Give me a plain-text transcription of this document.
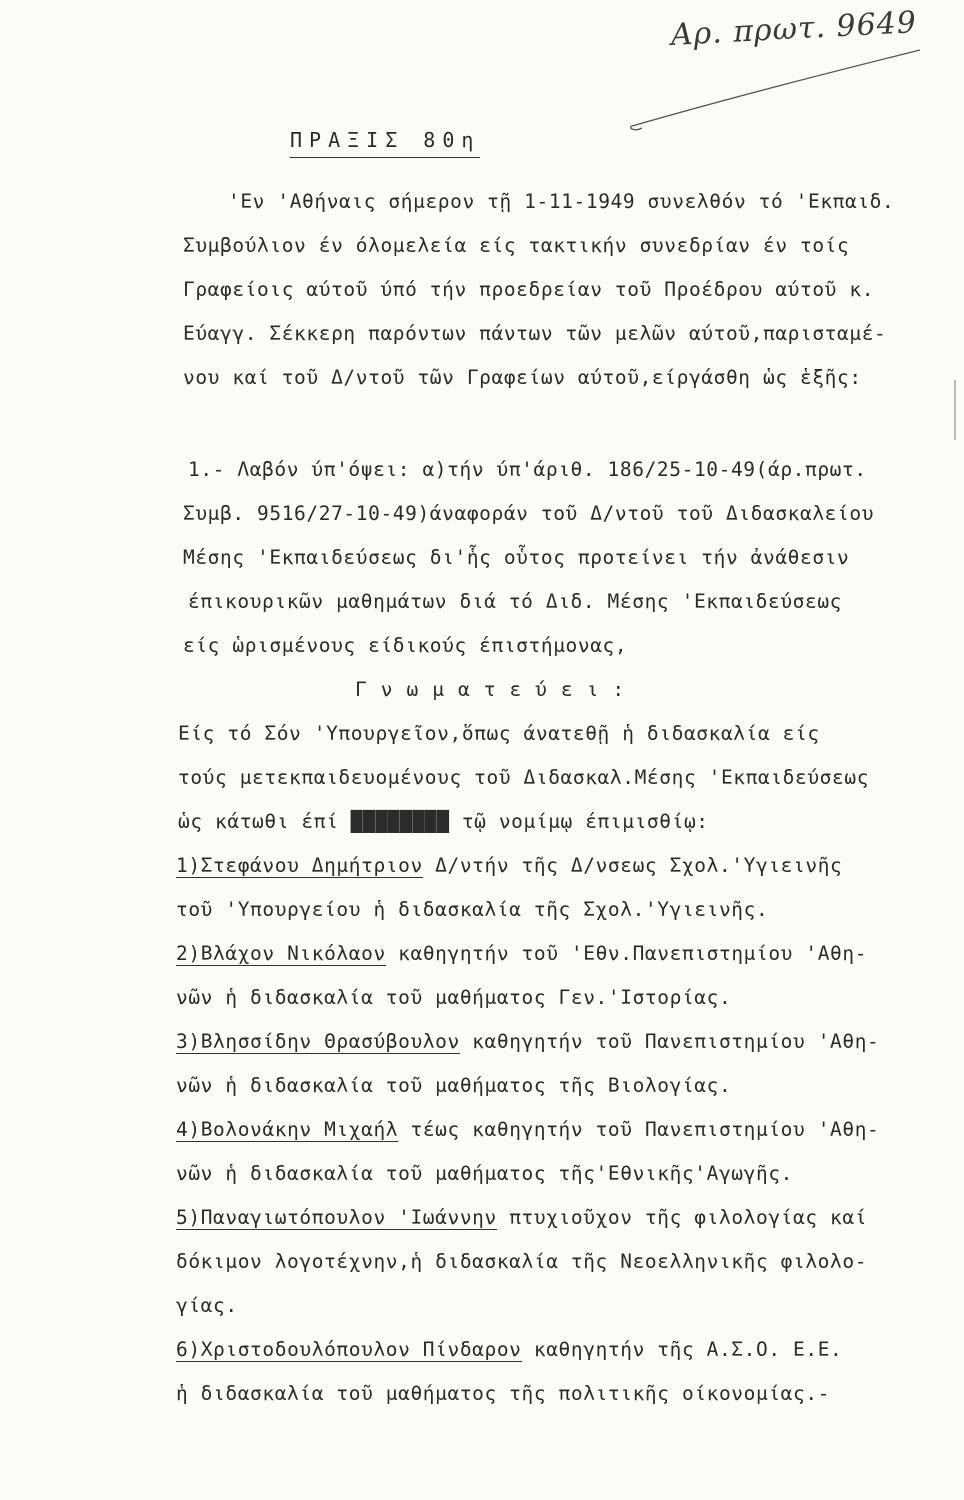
Αρ. πρωτ. 9649
ΠΡΑΞΙΣ 80η
'Εν 'Αθήναις σήμερον τῇ 1-11-1949 συνελθόν τό 'Εκπαιδ.
Συμβούλιον έν όλομελεία είς τακτικήν συνεδρίαν έν τοίς
Γραφείοις αύτοῦ ύπό τήν προεδρείαν τοῦ Προέδρου αύτοῦ κ.
Εύαγγ. Σέκκερη παρόντων πάντων τῶν μελῶν αύτοῦ,παρισταμέ-
νου καί τοῦ Δ/ντοῦ τῶν Γραφείων αύτοῦ,είργάσθη ὡς ἑξῆς:
1.- Λαβόν ύπ'όψει: α)τήν ύπ'άριθ. 186/25-10-49(άρ.πρωτ.
Συμβ. 9516/27-10-49)άναφοράν τοῦ Δ/ντοῦ τοῦ Διδασκαλείου
Μέσης 'Εκπαιδεύσεως δι'ἧς οὗτος προτείνει τήν ἀνάθεσιν
έπικουρικῶν μαθημάτων διά τό Διδ. Μέσης 'Εκπαιδεύσεως
είς ὡρισμένους είδικούς έπιστήμονας,
Γνωματεύει:
Είς τό Σόν 'Υπουργεῖον,ὅπως άνατεθῇ ἡ διδασκαλία είς
τούς μετεκπαιδευομένους τοῦ Διδασκαλ.Μέσης 'Εκπαιδεύσεως
ὡς κάτωθι έπί ████████ τῷ νομίμῳ έπιμισθίῳ:
1)Στεφάνου Δημήτριον Δ/ντήν τῆς Δ/νσεως Σχολ.'Υγιεινῆς
τοῦ 'Υπουργείου ἡ διδασκαλία τῆς Σχολ.'Υγιεινῆς.
2)Βλάχον Νικόλαον καθηγητήν τοῦ 'Εθν.Πανεπιστημίου 'Αθη-
νῶν ἡ διδασκαλία τοῦ μαθήματος Γεν.'Ιστορίας.
3)Βλησσίδην Θρασύβουλον καθηγητήν τοῦ Πανεπιστημίου 'Αθη-
νῶν ἡ διδασκαλία τοῦ μαθήματος τῆς Βιολογίας.
4)Βολονάκην Μιχαήλ τέως καθηγητήν τοῦ Πανεπιστημίου 'Αθη-
νῶν ἡ διδασκαλία τοῦ μαθήματος τῆς'Εθνικῆς'Αγωγῆς.
5)Παναγιωτόπουλον 'Ιωάννην πτυχιοῦχον τῆς φιλολογίας καί
δόκιμον λογοτέχνην,ἡ διδασκαλία τῆς Νεοελληνικῆς φιλολο-
γίας.
6)Χριστοδουλόπουλον Πίνδαρον καθηγητήν τῆς Α.Σ.Ο. Ε.Ε.
ἡ διδασκαλία τοῦ μαθήματος τῆς πολιτικῆς οίκονομίας.-
